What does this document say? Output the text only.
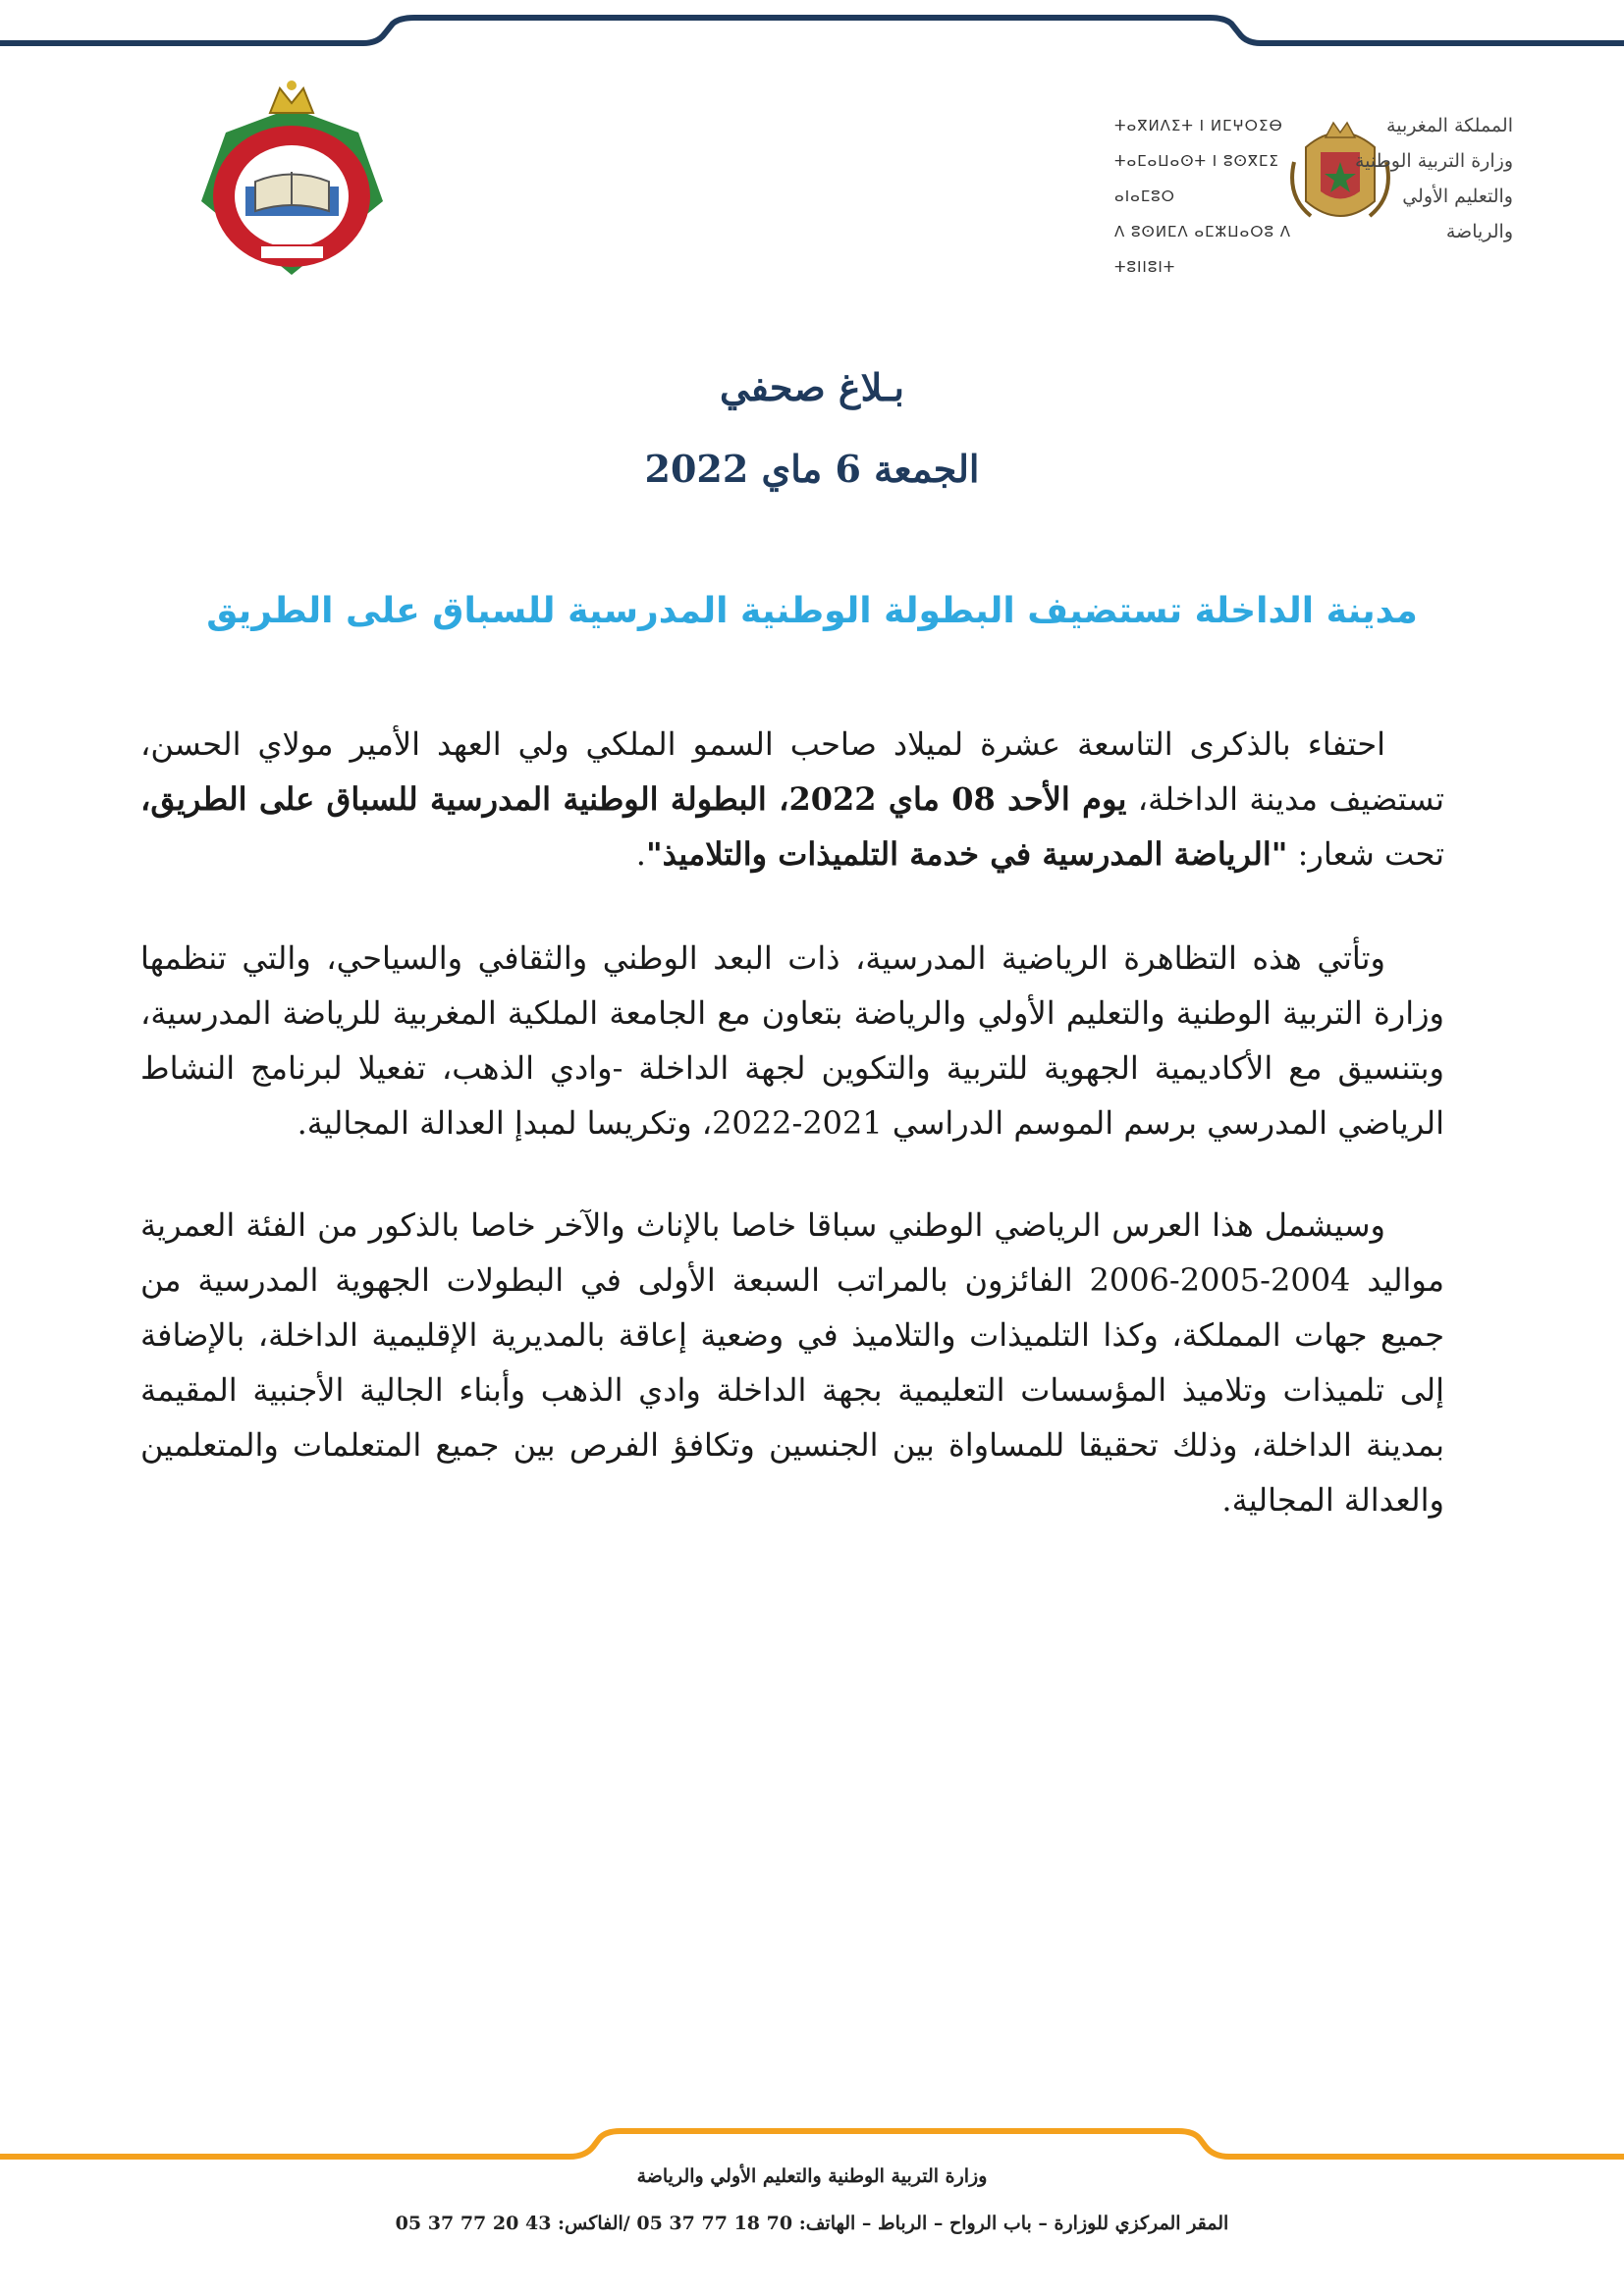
المملكة المغربية
وزارة التربية الوطنية
والتعليم الأولي والرياضة
ⵜⴰⴳⵍⴷⵉⵜ ⵏ ⵍⵎⵖⵔⵉⴱ
ⵜⴰⵎⴰⵡⴰⵙⵜ ⵏ ⵓⵙⴳⵎⵉ ⴰⵏⴰⵎⵓⵔ
ⴷ ⵓⵙⵍⵎⴷ ⴰⵎⵣⵡⴰⵔⵓ ⴷ ⵜⵓⵏⵏⵓⵏⵜ
بـلاغ صحفي
الجمعة 6 ماي 2022
مدينة الداخلة تستضيف البطولة الوطنية المدرسية للسباق على الطريق
احتفاء بالذكرى التاسعة عشرة لميلاد صاحب السمو الملكي ولي العهد الأمير مولاي الحسن، تستضيف مدينة الداخلة، يوم الأحد 08 ماي 2022، البطولة الوطنية المدرسية للسباق على الطريق، تحت شعار: "الرياضة المدرسية في خدمة التلميذات والتلاميذ".
وتأتي هذه التظاهرة الرياضية المدرسية، ذات البعد الوطني والثقافي والسياحي، والتي تنظمها وزارة التربية الوطنية والتعليم الأولي والرياضة بتعاون مع الجامعة الملكية المغربية للرياضة المدرسية، وبتنسيق مع الأكاديمية الجهوية للتربية والتكوين لجهة الداخلة -وادي الذهب، تفعيلا لبرنامج النشاط الرياضي المدرسي برسم الموسم الدراسي 2021-2022، وتكريسا لمبدإ العدالة المجالية.
وسيشمل هذا العرس الرياضي الوطني سباقا خاصا بالإناث والآخر خاصا بالذكور من الفئة العمرية مواليد 2004-2005-2006 الفائزون بالمراتب السبعة الأولى في البطولات الجهوية المدرسية من جميع جهات المملكة، وكذا التلميذات والتلاميذ في وضعية إعاقة بالمديرية الإقليمية الداخلة، بالإضافة إلى تلميذات وتلاميذ المؤسسات التعليمية بجهة الداخلة وادي الذهب وأبناء الجالية الأجنبية المقيمة بمدينة الداخلة، وذلك تحقيقا للمساواة بين الجنسين وتكافؤ الفرص بين جميع المتعلمات والمتعلمين والعدالة المجالية.
وزارة التربية الوطنية والتعليم الأولي والرياضة
المقر المركزي للوزارة – باب الرواح – الرباط – الهاتف: 70 18 77 37 05 /الفاكس: 43 20 77 37 05
